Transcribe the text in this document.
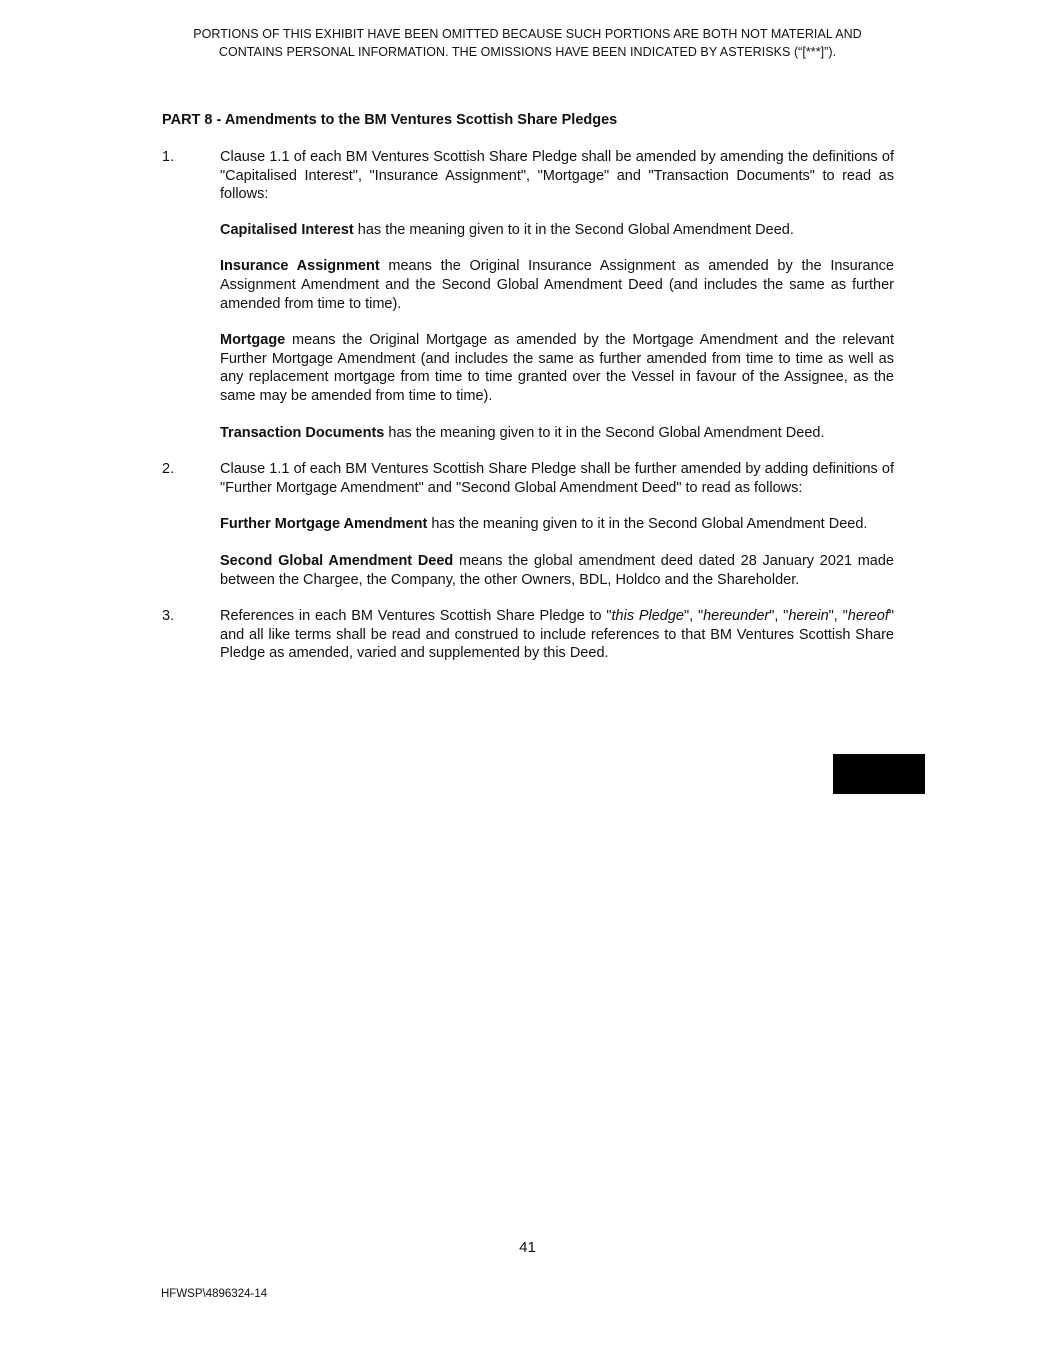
PORTIONS OF THIS EXHIBIT HAVE BEEN OMITTED BECAUSE SUCH PORTIONS ARE BOTH NOT MATERIAL AND
CONTAINS PERSONAL INFORMATION. THE OMISSIONS HAVE BEEN INDICATED BY ASTERISKS (“[***]”).
PART 8 - Amendments to the BM Ventures Scottish Share Pledges
1.	Clause 1.1 of each BM Ventures Scottish Share Pledge shall be amended by amending the definitions of "Capitalised Interest", "Insurance Assignment", "Mortgage" and "Transaction Documents" to read as follows:
Capitalised Interest has the meaning given to it in the Second Global Amendment Deed.
Insurance Assignment means the Original Insurance Assignment as amended by the Insurance Assignment Amendment and the Second Global Amendment Deed (and includes the same as further amended from time to time).
Mortgage means the Original Mortgage as amended by the Mortgage Amendment and the relevant Further Mortgage Amendment (and includes the same as further amended from time to time as well as any replacement mortgage from time to time granted over the Vessel in favour of the Assignee, as the same may be amended from time to time).
Transaction Documents has the meaning given to it in the Second Global Amendment Deed.
2.	Clause 1.1 of each BM Ventures Scottish Share Pledge shall be further amended by adding definitions of "Further Mortgage Amendment" and "Second Global Amendment Deed" to read as follows:
Further Mortgage Amendment has the meaning given to it in the Second Global Amendment Deed.
Second Global Amendment Deed means the global amendment deed dated 28 January 2021 made between the Chargee, the Company, the other Owners, BDL, Holdco and the Shareholder.
3.	References in each BM Ventures Scottish Share Pledge to "this Pledge", "hereunder", "herein", "hereof" and all like terms shall be read and construed to include references to that BM Ventures Scottish Share Pledge as amended, varied and supplemented by this Deed.
41
HFWSP\4896324-14
